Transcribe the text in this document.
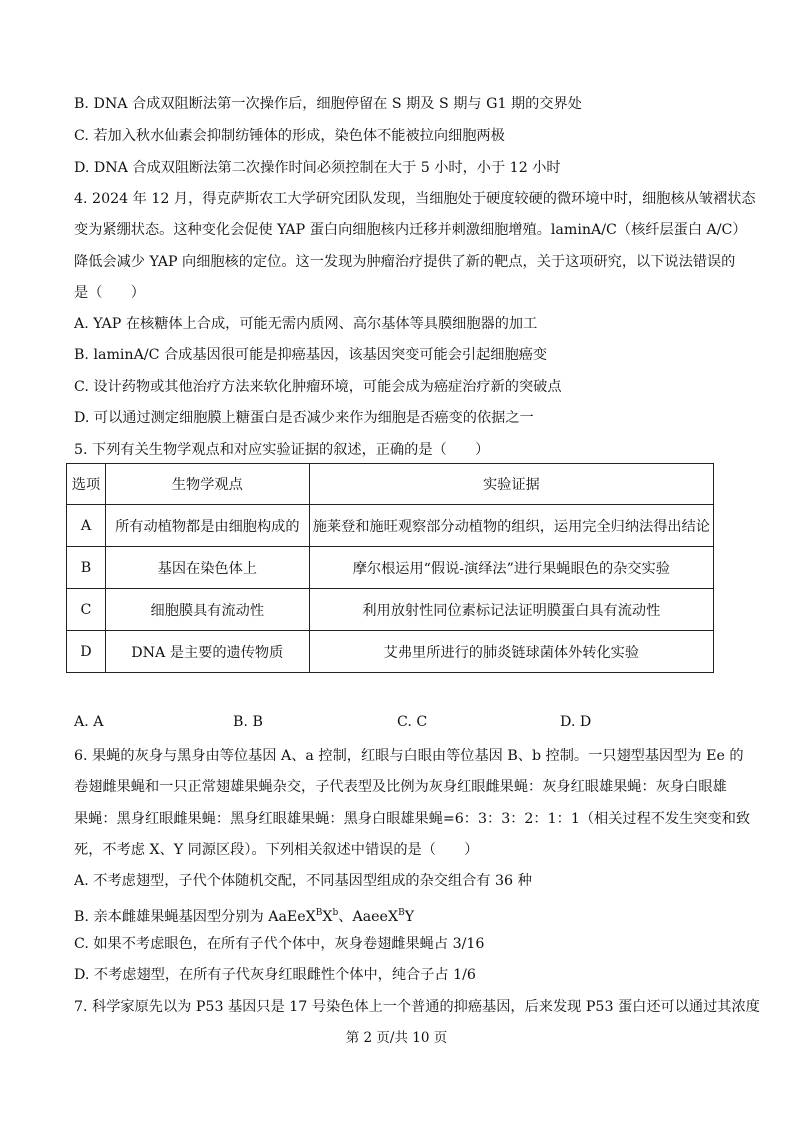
B. DNA 合成双阻断法第一次操作后，细胞停留在 S 期及 S 期与 G1 期的交界处
C. 若加入秋水仙素会抑制纺锤体的形成，染色体不能被拉向细胞两极
D. DNA 合成双阻断法第二次操作时间必须控制在大于 5 小时，小于 12 小时
4. 2024 年 12 月，得克萨斯农工大学研究团队发现，当细胞处于硬度较硬的微环境中时，细胞核从皱褶状态
变为紧绷状态。这种变化会促使 YAP 蛋白向细胞核内迁移并刺激细胞增殖。laminA/C（核纤层蛋白 A/C）
降低会减少 YAP 向细胞核的定位。这一发现为肿瘤治疗提供了新的靶点，关于这项研究，以下说法错误的
是（　　）
A. YAP 在核糖体上合成，可能无需内质网、高尔基体等具膜细胞器的加工
B. laminA/C 合成基因很可能是抑癌基因，该基因突变可能会引起细胞癌变
C. 设计药物或其他治疗方法来软化肿瘤环境，可能会成为癌症治疗新的突破点
D. 可以通过测定细胞膜上糖蛋白是否减少来作为细胞是否癌变的依据之一
5. 下列有关生物学观点和对应实验证据的叙述，正确的是（　　）
选项	生物学观点	实验证据
A	所有动植物都是由细胞构成的	施莱登和施旺观察部分动植物的组织，运用完全归纳法得出结论
B	基因在染色体上	摩尔根运用“假说-演绎法”进行果蝇眼色的杂交实验
C	细胞膜具有流动性	利用放射性同位素标记法证明膜蛋白具有流动性
D	DNA 是主要的遗传物质	艾弗里所进行的肺炎链球菌体外转化实验
A. A	B. B	C. C	D. D
6. 果蝇的灰身与黑身由等位基因 A、a 控制，红眼与白眼由等位基因 B、b 控制。一只翅型基因型为 Ee 的
卷翅雌果蝇和一只正常翅雄果蝇杂交，子代表型及比例为灰身红眼雌果蝇：灰身红眼雄果蝇：灰身白眼雄
果蝇：黑身红眼雌果蝇：黑身红眼雄果蝇：黑身白眼雄果蝇=6：3：3：2：1：1（相关过程不发生突变和致
死，不考虑 X、Y 同源区段）。下列相关叙述中错误的是（　　）
A. 不考虑翅型，子代个体随机交配，不同基因型组成的杂交组合有 36 种
B. 亲本雌雄果蝇基因型分别为 $AaEeX^BX^b$、AaeeX$^B$Y
C. 如果不考虑眼色，在所有子代个体中，灰身卷翅雌果蝇占 3/16
D. 不考虑翅型，在所有子代灰身红眼雌性个体中，纯合子占 1/6
7. 科学家原先以为 P53 基因只是 17 号染色体上一个普通的抑癌基因，后来发现 P53 蛋白还可以通过其浓度
第 2 页/共 10 页
